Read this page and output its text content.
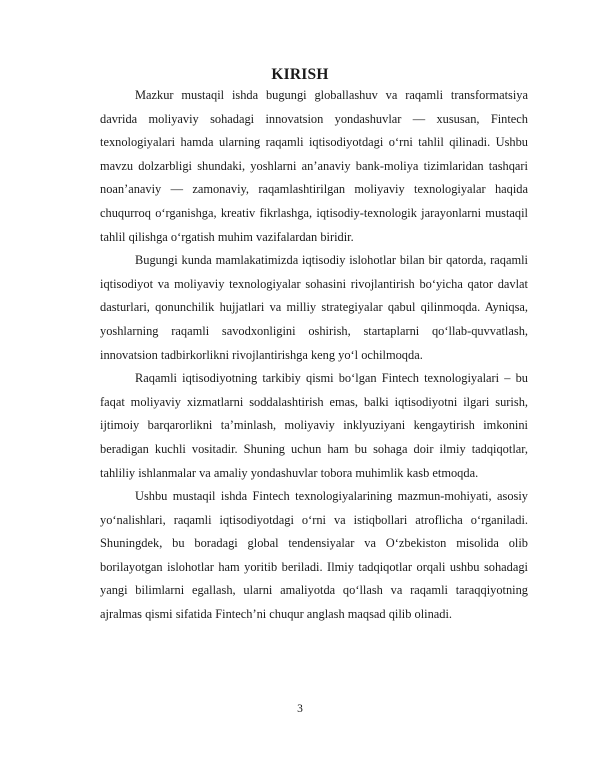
KIRISH

Mazkur mustaqil ishda bugungi globallashuv va raqamli transformatsiya davrida moliyaviy sohadagi innovatsion yondashuvlar — xususan, Fintech texnologiyalari hamda ularning raqamli iqtisodiyotdagi o‘rni tahlil qilinadi. Ushbu mavzu dolzarbligi shundaki, yoshlarni an’anaviy bank-moliya tizimlaridan tashqari noan’anaviy — zamonaviy, raqamlashtirilgan moliyaviy texnologiyalar haqida chuqurroq o‘rganishga, kreativ fikrlashga, iqtisodiy-texnologik jarayonlarni mustaqil tahlil qilishga o‘rgatish muhim vazifalardan biridir.

Bugungi kunda mamlakatimizda iqtisodiy islohotlar bilan bir qatorda, raqamli iqtisodiyot va moliyaviy texnologiyalar sohasini rivojlantirish bo‘yicha qator davlat dasturlari, qonunchilik hujjatlari va milliy strategiyalar qabul qilinmoqda. Ayniqsa, yoshlarning raqamli savodxonligini oshirish, startaplarni qo‘llab-quvvatlash, innovatsion tadbirkorlikni rivojlantirishga keng yo‘l ochilmoqda.

Raqamli iqtisodiyotning tarkibiy qismi bo‘lgan Fintech texnologiyalari – bu faqat moliyaviy xizmatlarni soddalashtirish emas, balki iqtisodiyotni ilgari surish, ijtimoiy barqarorlikni ta’minlash, moliyaviy inklyuziyani kengaytirish imkonini beradigan kuchli vositadir. Shuning uchun ham bu sohaga doir ilmiy tadqiqotlar, tahliliy ishlanmalar va amaliy yondashuvlar tobora muhimlik kasb etmoqda.

Ushbu mustaqil ishda Fintech texnologiyalarining mazmun-mohiyati, asosiy yo‘nalishlari, raqamli iqtisodiyotdagi o‘rni va istiqbollari atroflicha o‘rganiladi. Shuningdek, bu boradagi global tendensiyalar va O‘zbekiston misolida olib borilayotgan islohotlar ham yoritib beriladi. Ilmiy tadqiqotlar orqali ushbu sohadagi yangi bilimlarni egallash, ularni amaliyotda qo‘llash va raqamli taraqqiyotning ajralmas qismi sifatida Fintech’ni chuqur anglash maqsad qilib olinadi.

3
